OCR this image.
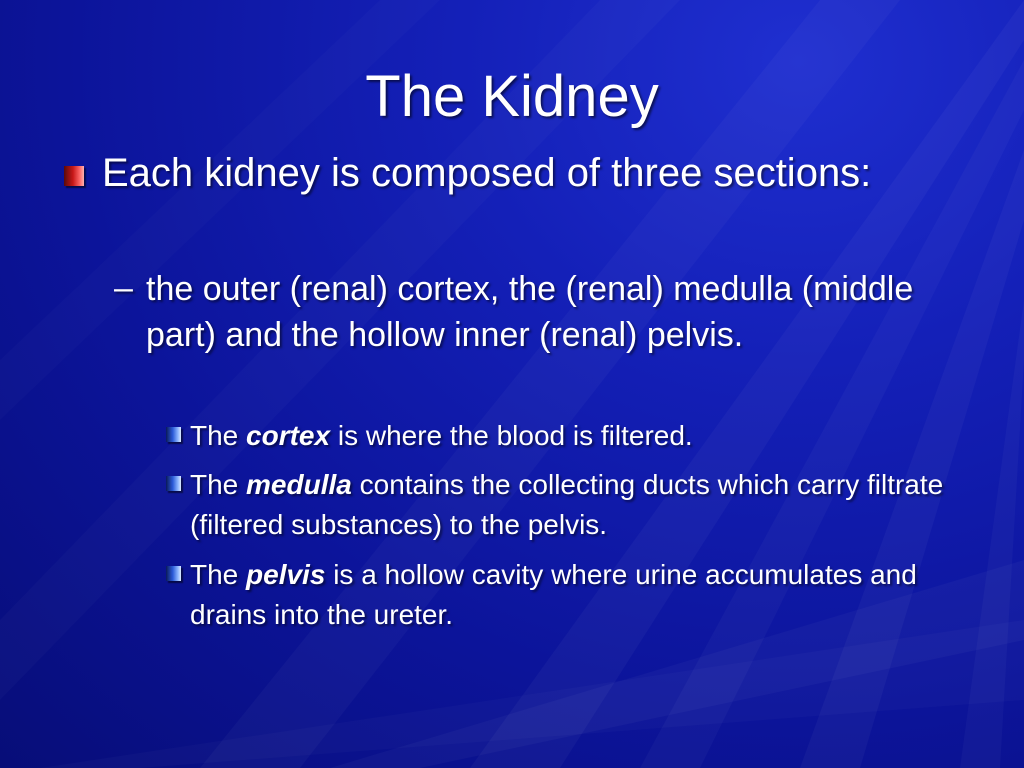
The Kidney
Each kidney is composed of three sections:
– the outer (renal) cortex, the (renal) medulla (middle part) and the hollow inner (renal) pelvis.
The cortex is where the blood is filtered.
The medulla contains the collecting ducts which carry filtrate (filtered substances) to the pelvis.
The pelvis is a hollow cavity where urine accumulates and drains into the ureter.
